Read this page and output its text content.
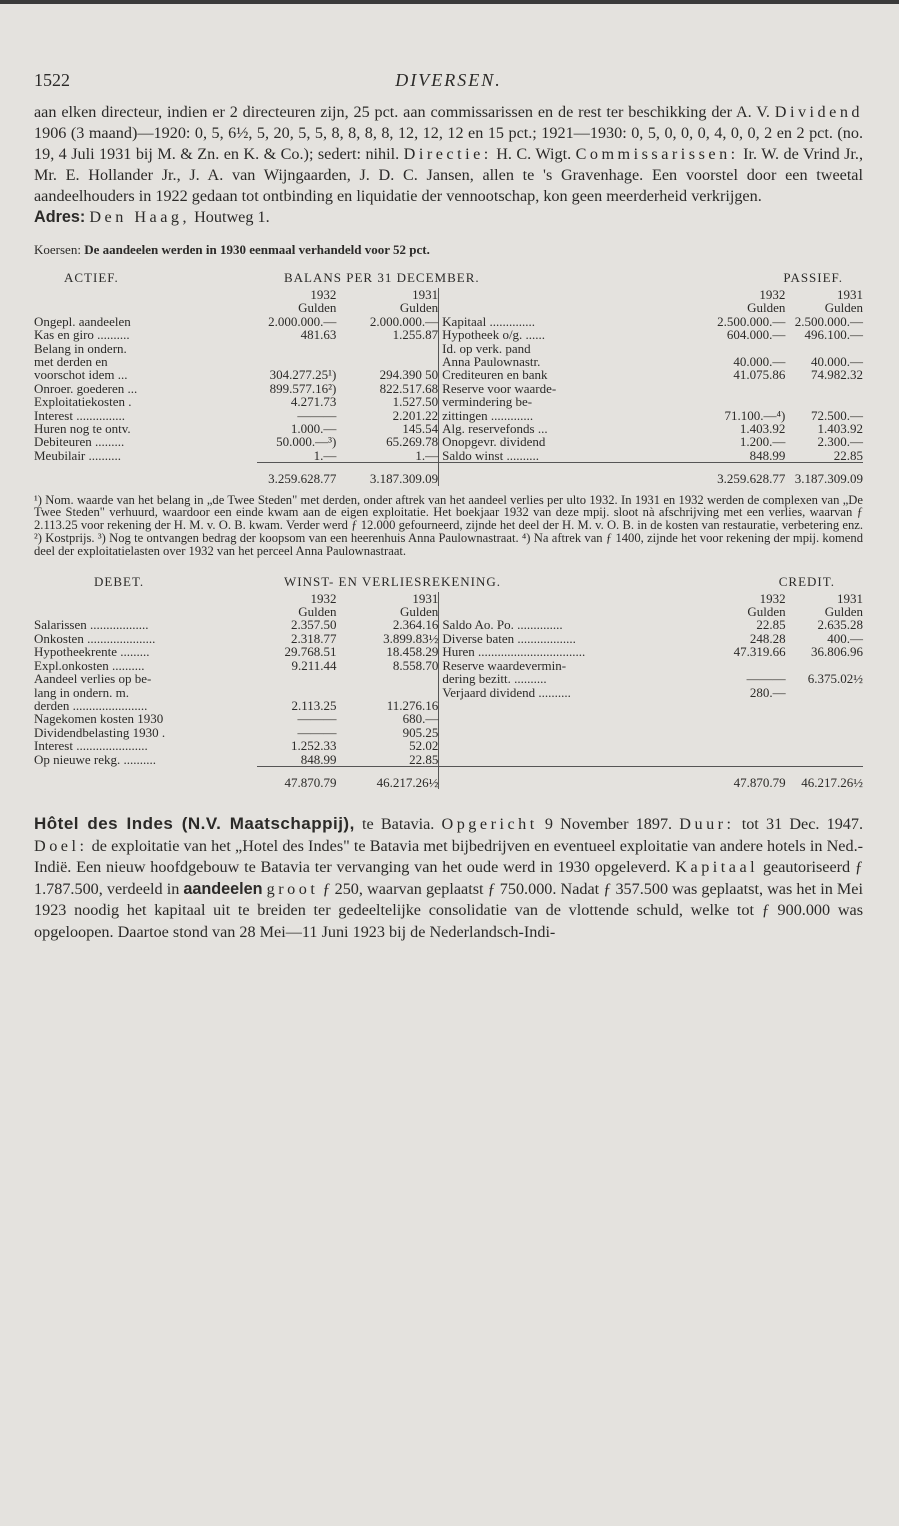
1522	DIVERSEN.

aan elken directeur, indien er 2 directeuren zijn, 25 pct. aan commissarissen en de rest ter beschikking der A. V. Dividend 1906 (3 maand)—1920: 0, 5, 6½, 5, 20, 5, 5, 8, 8, 8, 8, 12, 12, 12 en 15 pct.; 1921—1930: 0, 5, 0, 0, 0, 4, 0, 0, 2 en 2 pct. (no. 19, 4 Juli 1931 bij M. & Zn. en K. & Co.); sedert: nihil. Directie: H. C. Wigt. Commissarissen: Ir. W. de Vrind Jr., Mr. E. Hollander Jr., J. A. van Wijngaarden, J. D. C. Jansen, allen te 's Gravenhage. Een voorstel door een tweetal aandeelhouders in 1922 gedaan tot ontbinding en liquidatie der vennootschap, kon geen meerderheid verkrijgen.

Adres: Den Haag, Houtweg 1.
Koersen: De aandeelen werden in 1930 eenmaal verhandeld voor 52 pct.
ACTIEF.	BALANS PER 31 DECEMBER.	PASSIEF.
	1932	1931		1932	1931
	Gulden	Gulden		Gulden	Gulden
Ongepl. aandeelen	2.000.000.—	2.000.000.—	Kapitaal ..............	2.500.000.—	2.500.000.—
Kas en giro ..........	481.63	1.255.87	Hypotheek o/g. ......	604.000.—	496.100.—
Belang in ondern.			Id. op verk. pand		
met derden en			Anna Paulownastr.	40.000.—	40.000.—
voorschot idem ...	304.277.25¹)	294.390 50	Crediteuren en bank	41.075.86	74.982.32
Onroer. goederen ...	899.577.16²)	822.517.68	Reserve voor waarde-		
Exploitatiekosten .	4.271.73	1.527.50	vermindering be-		
Interest ...............	———	2.201.22	zittingen .............	71.100.—⁴)	72.500.—
Huren nog te ontv.	1.000.—	145.54	Alg. reservefonds ...	1.403.92	1.403.92
Debiteuren .........	50.000.—³)	65.269.78	Onopgevr. dividend	1.200.—	2.300.—
Meubilair ..........	1.—	1.—	Saldo winst ..........	848.99	22.85
	3.259.628.77	3.187.309.09		3.259.628.77	3.187.309.09

¹) Nom. waarde van het belang in „de Twee Steden" met derden, onder aftrek van het aandeel verlies per ulto 1932. In 1931 en 1932 werden de complexen van „De Twee Steden" verhuurd, waardoor een einde kwam aan de eigen exploitatie. Het boekjaar 1932 van deze mpij. sloot nà afschrijving met een verlies, waarvan ƒ 2.113.25 voor rekening der H. M. v. O. B. kwam. Verder werd ƒ 12.000 gefourneerd, zijnde het deel der H. M. v. O. B. in de kosten van restauratie, verbetering enz. ²) Kostprijs. ³) Nog te ontvangen bedrag der koopsom van een heerenhuis Anna Paulownastraat. ⁴) Na aftrek van ƒ 1400, zijnde het voor rekening der mpij. komend deel der exploitatielasten over 1932 van het perceel Anna Paulownastraat.

DEBET.	WINST- EN VERLIESREKENING.	CREDIT.
	1932	1931		1932	1931
	Gulden	Gulden		Gulden	Gulden
Salarissen ..................	2.357.50	2.364.16	Saldo Ao. Po. ..............	22.85	2.635.28
Onkosten .....................	2.318.77	3.899.83½	Diverse baten ..................	248.28	400.—
Hypotheekrente .........	29.768.51	18.458.29	Huren .................................	47.319.66	36.806.96
Expl.onkosten ..........	9.211.44	8.558.70	Reserve waardevermin-		
Aandeel verlies op be-			dering bezitt. ..........	———	6.375.02½
lang in ondern. m.			Verjaard dividend ..........	280.—	
derden .......................	2.113.25	11.276.16			
Nagekomen kosten 1930	———	680.—			
Dividendbelasting 1930 .	———	905.25			
Interest ......................	1.252.33	52.02			
Op nieuwe rekg. ..........	848.99	22.85			
	47.870.79	46.217.26½		47.870.79	46.217.26½

Hôtel des Indes (N.V. Maatschappij), te Batavia. Opgericht 9 November 1897. Duur: tot 31 Dec. 1947. Doel: de exploitatie van het „Hotel des Indes" te Batavia met bijbedrijven en eventueel exploitatie van andere hotels in Ned.-Indië. Een nieuw hoofdgebouw te Batavia ter vervanging van het oude werd in 1930 opgeleverd. Kapitaal geautoriseerd ƒ 1.787.500, verdeeld in aandeelen groot ƒ 250, waarvan geplaatst ƒ 750.000. Nadat ƒ 357.500 was geplaatst, was het in Mei 1923 noodig het kapitaal uit te breiden ter gedeeltelijke consolidatie van de vlottende schuld, welke tot ƒ 900.000 was opgeloopen. Daartoe stond van 28 Mei—11 Juni 1923 bij de Nederlandsch-Indi-
